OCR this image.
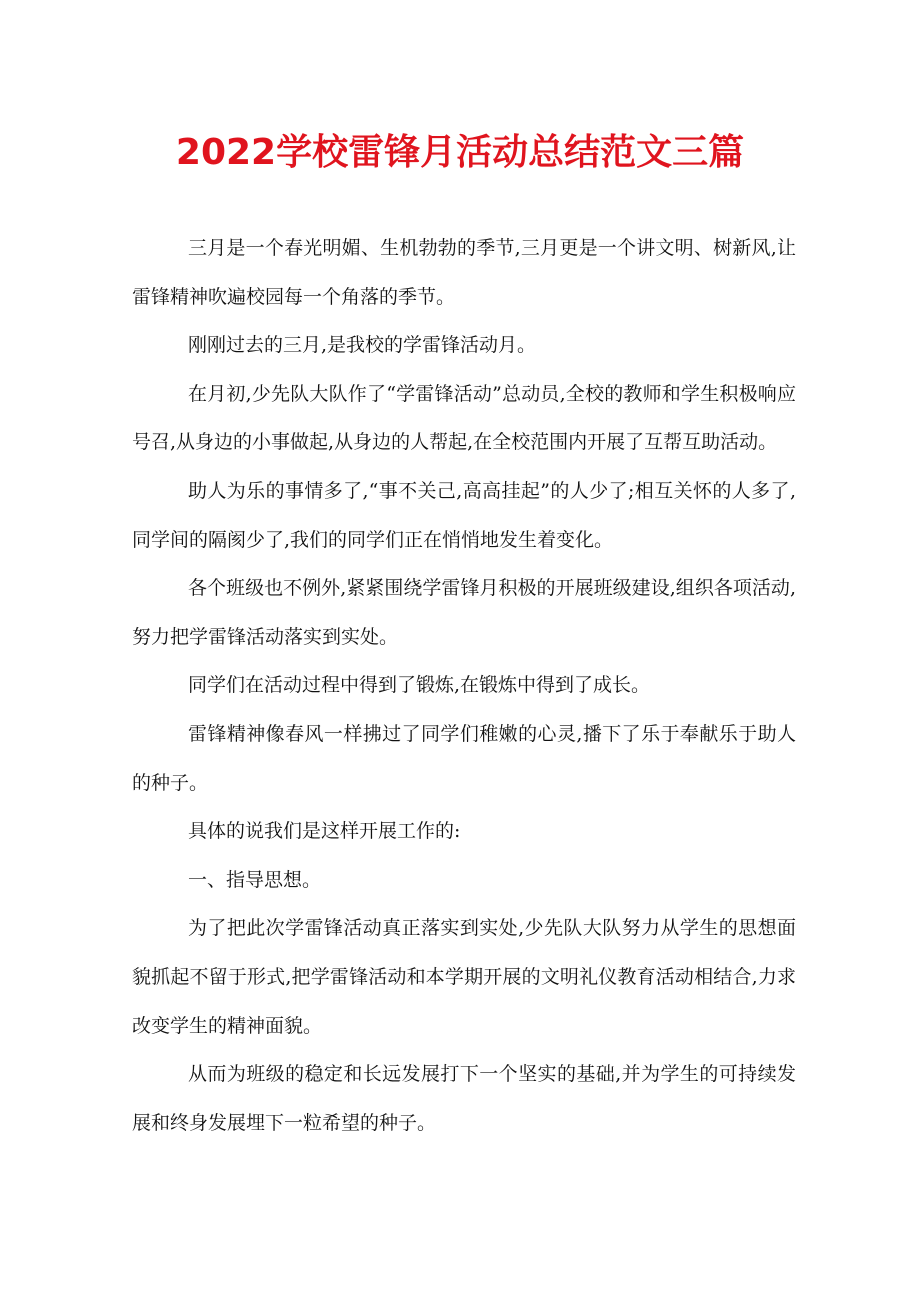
2022学校雷锋月活动总结范文三篇

三月是一个春光明媚、生机勃勃的季节,三月更是一个讲文明、树新风,让雷锋精神吹遍校园每一个角落的季节。

刚刚过去的三月,是我校的学雷锋活动月。

在月初,少先队大队作了“学雷锋活动”总动员,全校的教师和学生积极响应号召,从身边的小事做起,从身边的人帮起,在全校范围内开展了互帮互助活动。

助人为乐的事情多了,“事不关己,高高挂起”的人少了;相互关怀的人多了,同学间的隔阂少了,我们的同学们正在悄悄地发生着变化。

各个班级也不例外,紧紧围绕学雷锋月积极的开展班级建设,组织各项活动,努力把学雷锋活动落实到实处。

同学们在活动过程中得到了锻炼,在锻炼中得到了成长。

雷锋精神像春风一样拂过了同学们稚嫩的心灵,播下了乐于奉献乐于助人的种子。

具体的说我们是这样开展工作的:

一、指导思想。

为了把此次学雷锋活动真正落实到实处,少先队大队努力从学生的思想面貌抓起不留于形式,把学雷锋活动和本学期开展的文明礼仪教育活动相结合,力求改变学生的精神面貌。

从而为班级的稳定和长远发展打下一个坚实的基础,并为学生的可持续发展和终身发展埋下一粒希望的种子。
